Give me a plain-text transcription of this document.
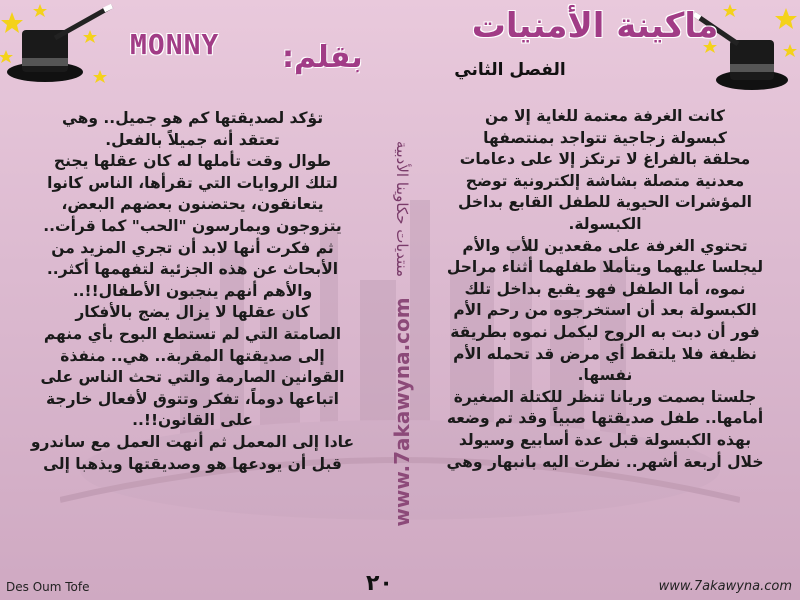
ماكينة الأمنيات
الفصل الثاني
بقلم:
MONNY

كانت الغرفة معتمة للغاية إلا من

كبسولة زجاجية تتواجد بمنتصفها

محلقة بالفراغ لا ترتكز إلا على دعامات

معدنية متصلة بشاشة إلكترونية توضح

المؤشرات الحيوية للطفل القابع بداخل

الكبسولة.

تحتوي الغرفة على مقعدين للأب والأم

ليجلسا عليهما ويتأملا طفلهما أثناء مراحل

نموه، أما الطفل فهو يقبع بداخل تلك

الكبسولة بعد أن استخرجوه من رحم الأم

فور أن دبت به الروح ليكمل نموه بطريقة

نظيفة فلا يلتقط أي مرض قد تحمله الأم

نفسها.

جلستا بصمت وريانا تنظر للكتلة الصغيرة

أمامها.. طفل صديقتها صبياً وقد تم وضعه

بهذه الكبسولة قبل عدة أسابيع وسيولد

خلال أربعة أشهر.. نظرت اليه بانبهار وهي

تؤكد لصديقتها كم هو جميل.. وهي

تعتقد أنه جميلاً بالفعل.

طوال وقت تأملها له كان عقلها يجنح

لتلك الروايات التي تقرأها، الناس كانوا

يتعانقون، يحتضنون بعضهم البعض،

يتزوجون ويمارسون "الحب" كما قرأت..

ثم فكرت أنها لابد أن تجري المزيد من

الأبحاث عن هذه الجزئية لتفهمها أكثر..

والأهم أنهم ينجبون الأطفال!!..

كان عقلها لا يزال يضج بالأفكار

الصامتة التي لم تستطع البوح بأي منهم

إلى صديقتها المقربة.. هي.. منفذة

القوانين الصارمة والتي تحث الناس على

اتباعها دوماً، تفكر وتتوق لأفعال خارجة

على القانون!!..

عادا إلى المعمل ثم أنهت العمل مع ساندرو

قبل أن يودعها هو وصديقتها ويذهبا إلى

منتديات حكاوينا الأدبية
www.7akawyna.com
Des Oum Tofe	٢٠	www.7akawyna.com
